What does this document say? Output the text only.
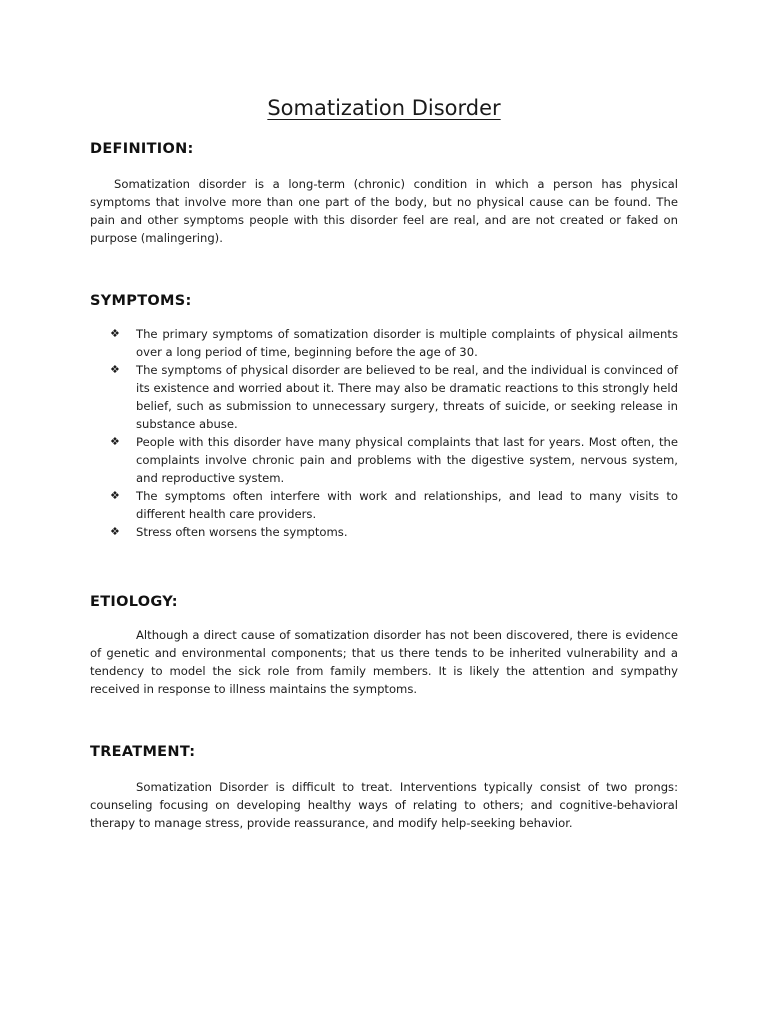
Somatization Disorder
DEFINITION:

Somatization disorder is a long-term (chronic) condition in which a person has physical symptoms that involve more than one part of the body, but no physical cause can be found. The pain and other symptoms people with this disorder feel are real, and are not created or faked on purpose (malingering).

SYMPTOMS:
❖ The primary symptoms of somatization disorder is multiple complaints of physical ailments over a long period of time, beginning before the age of 30.
❖ The symptoms of physical disorder are believed to be real, and the individual is convinced of its existence and worried about it. There may also be dramatic reactions to this strongly held belief, such as submission to unnecessary surgery, threats of suicide, or seeking release in substance abuse.
❖ People with this disorder have many physical complaints that last for years. Most often, the complaints involve chronic pain and problems with the digestive system, nervous system, and reproductive system.
❖ The symptoms often interfere with work and relationships, and lead to many visits to different health care providers.
❖ Stress often worsens the symptoms.
ETIOLOGY:

Although a direct cause of somatization disorder has not been discovered, there is evidence of genetic and environmental components; that us there tends to be inherited vulnerability and a tendency to model the sick role from family members. It is likely the attention and sympathy received in response to illness maintains the symptoms.

TREATMENT:

Somatization Disorder is difficult to treat. Interventions typically consist of two prongs: counseling focusing on developing healthy ways of relating to others; and cognitive-behavioral therapy to manage stress, provide reassurance, and modify help-seeking behavior.
